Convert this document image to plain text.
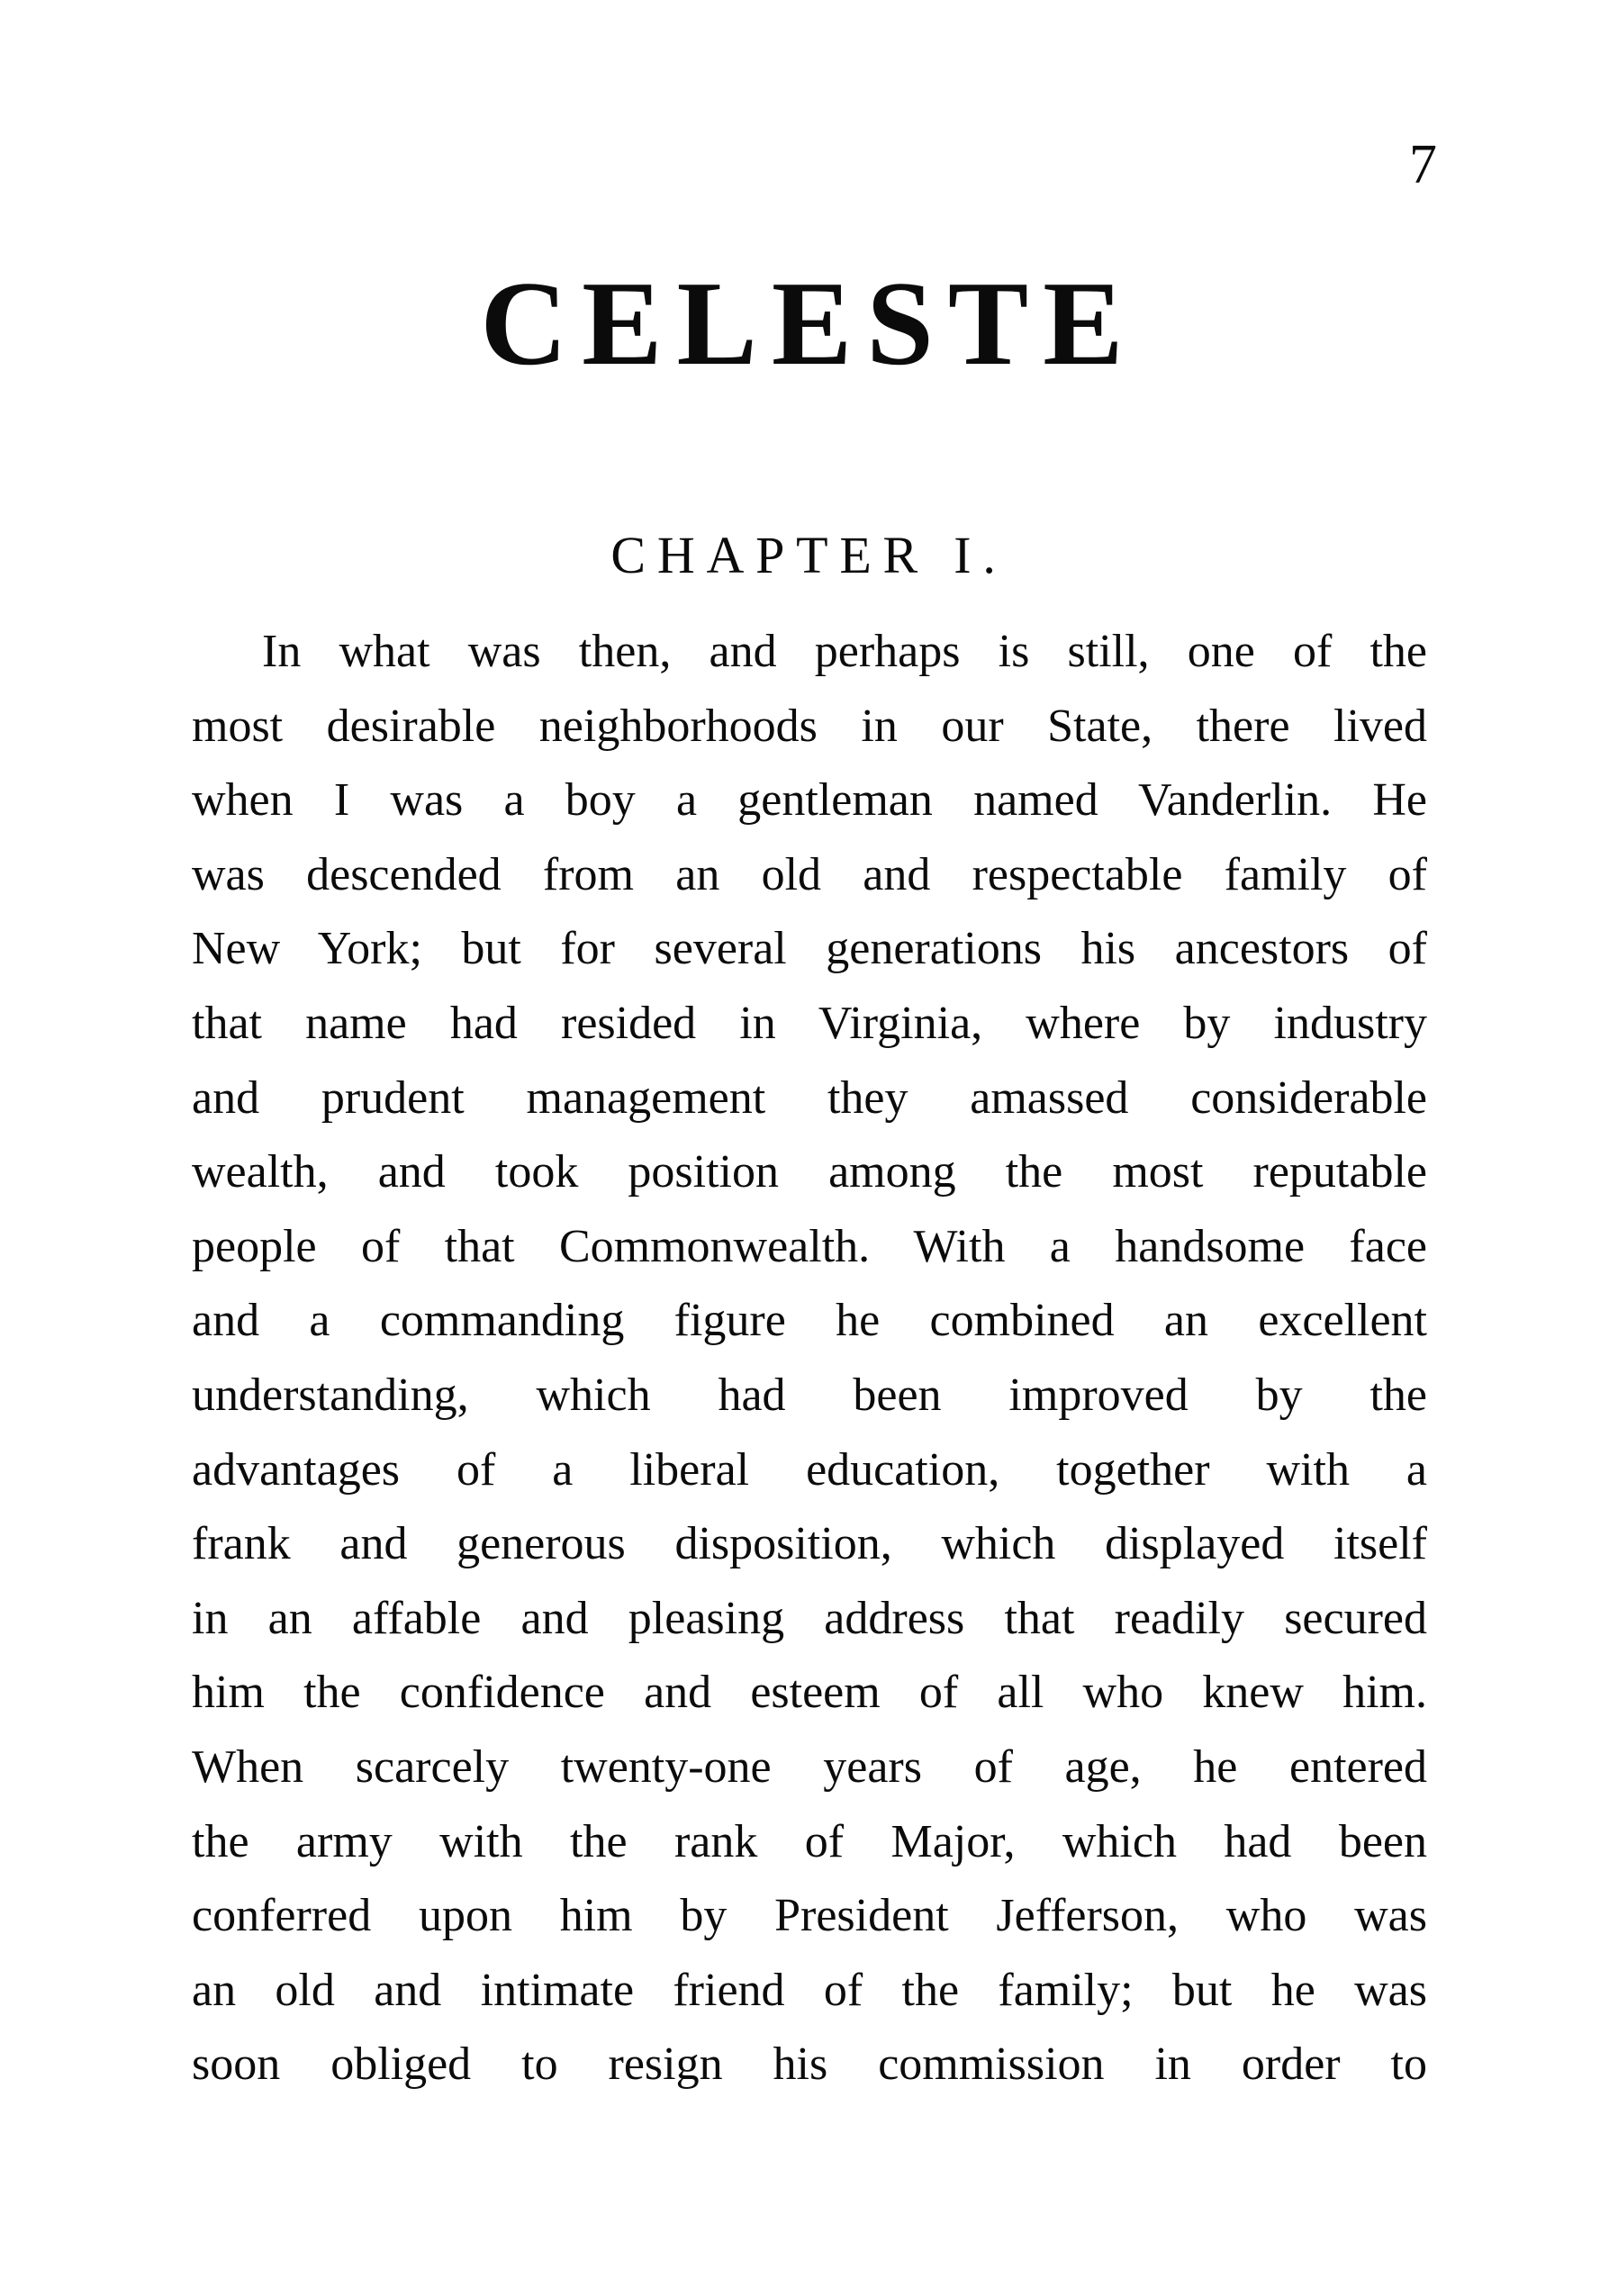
7
CELESTE
CHAPTER I.
In what was then, and perhaps is still, one of the
most desirable neighborhoods in our State, there lived
when I was a boy a gentleman named Vanderlin. He
was descended from an old and respectable family of
New York; but for several generations his ancestors of
that name had resided in Virginia, where by industry
and prudent management they amassed considerable
wealth, and took position among the most reputable
people of that Commonwealth. With a handsome face
and a commanding figure he combined an excellent
understanding, which had been improved by the
advantages of a liberal education, together with a
frank and generous disposition, which displayed itself
in an affable and pleasing address that readily secured
him the confidence and esteem of all who knew him.
When scarcely twenty-one years of age, he entered
the army with the rank of Major, which had been
conferred upon him by President Jefferson, who was
an old and intimate friend of the family; but he was
soon obliged to resign his commission in order to
